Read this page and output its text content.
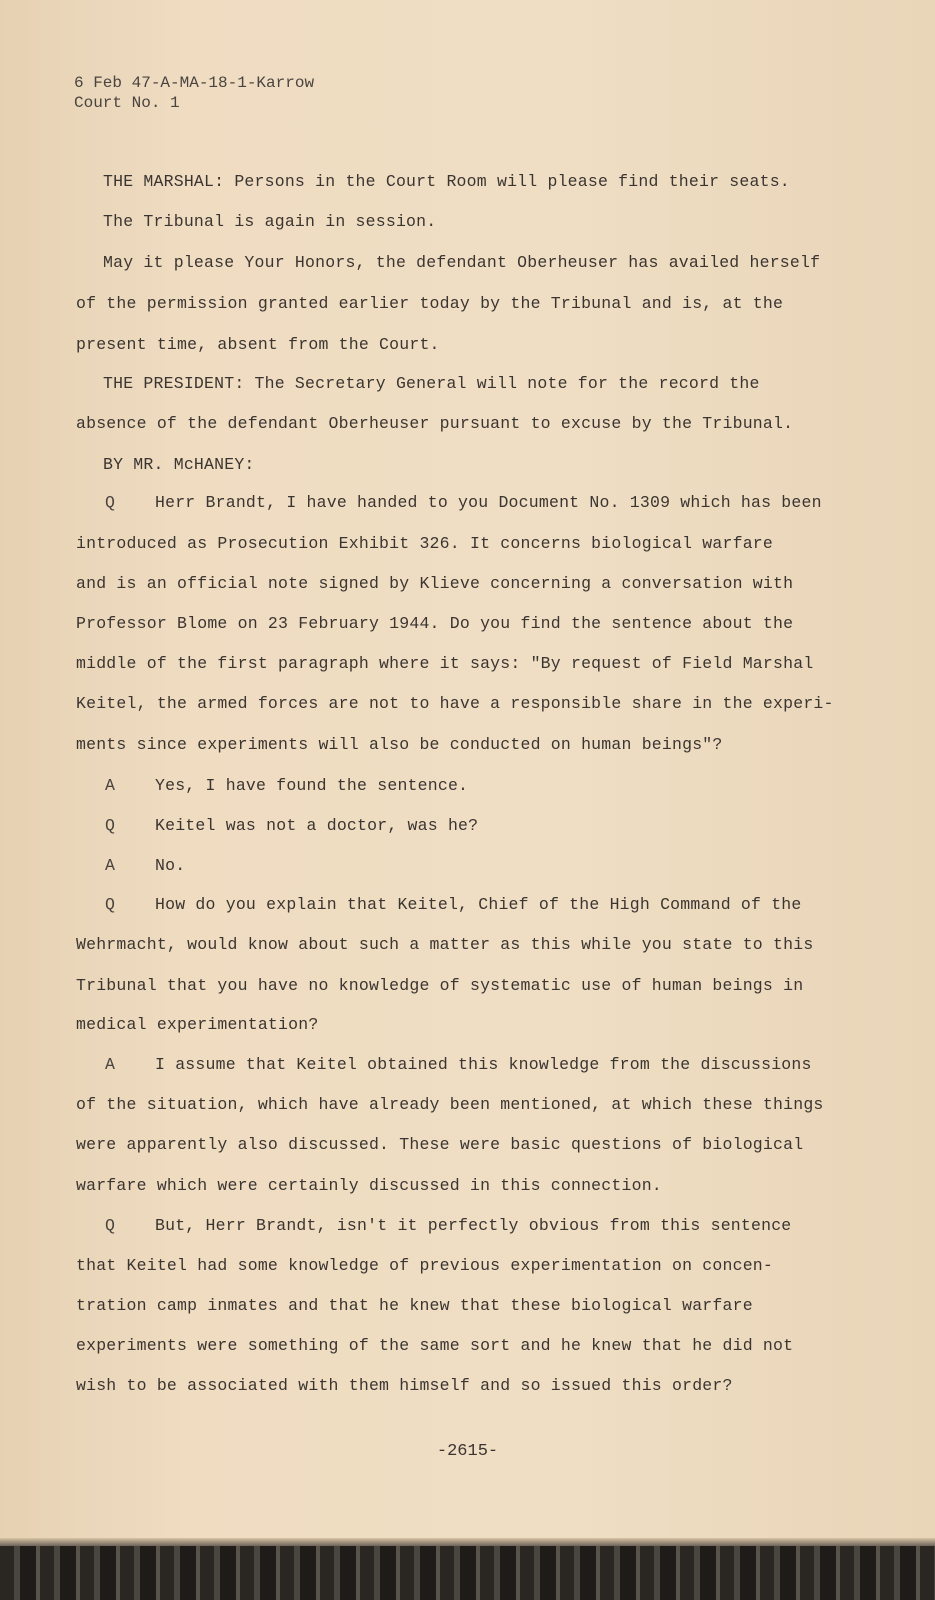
6 Feb 47-A-MA-18-1-Karrow
Court No. 1
THE MARSHAL: Persons in the Court Room will please find their seats.
The Tribunal is again in session.
May it please Your Honors, the defendant Oberheuser has availed herself
of the permission granted earlier today by the Tribunal and is, at the
present time, absent from the Court.
THE PRESIDENT: The Secretary General will note for the record the
absence of the defendant Oberheuser pursuant to excuse by the Tribunal.
BY MR. McHANEY:
Q Herr Brandt, I have handed to you Document No. 1309 which has been
introduced as Prosecution Exhibit 326. It concerns biological warfare
and is an official note signed by Klieve concerning a conversation with
Professor Blome on 23 February 1944. Do you find the sentence about the
middle of the first paragraph where it says: "By request of Field Marshal
Keitel, the armed forces are not to have a responsible share in the experi-
ments since experiments will also be conducted on human beings"?
A Yes, I have found the sentence.
Q Keitel was not a doctor, was he?
A No.
Q How do you explain that Keitel, Chief of the High Command of the
Wehrmacht, would know about such a matter as this while you state to this
Tribunal that you have no knowledge of systematic use of human beings in
medical experimentation?
A I assume that Keitel obtained this knowledge from the discussions
of the situation, which have already been mentioned, at which these things
were apparently also discussed. These were basic questions of biological
warfare which were certainly discussed in this connection.
Q But, Herr Brandt, isn't it perfectly obvious from this sentence
that Keitel had some knowledge of previous experimentation on concen-
tration camp inmates and that he knew that these biological warfare
experiments were something of the same sort and he knew that he did not
wish to be associated with them himself and so issued this order?
-2615-
